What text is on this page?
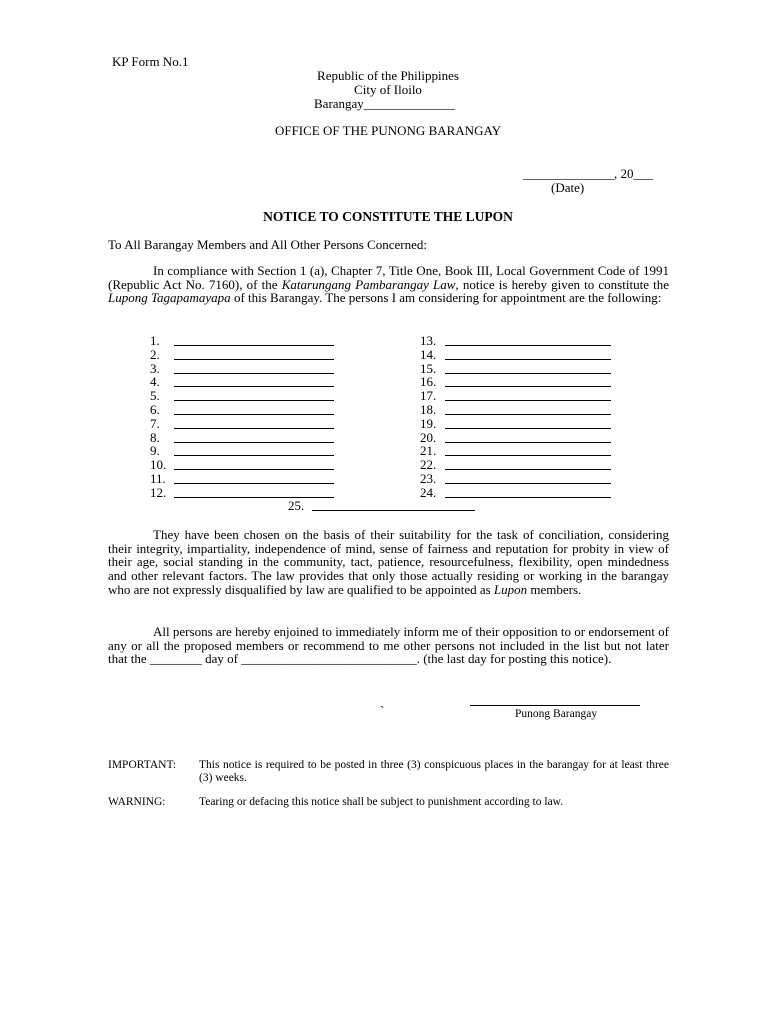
KP Form No.1
Republic of the Philippines
City of Iloilo
Barangay______________
OFFICE OF THE PUNONG BARANGAY
______________, 20___
(Date)
NOTICE TO CONSTITUTE THE LUPON
To All Barangay Members and All Other Persons Concerned:
In compliance with Section 1 (a), Chapter 7, Title One, Book III, Local Government Code of 1991 (Republic Act No. 7160), of the Katarungang Pambarangay Law, notice is hereby given to constitute the Lupong Tagapamayapa of this Barangay. The persons I am considering for appointment are the following:
1.
2.
3.
4.
5.
6.
7.
8.
9.
10.
11.
12.
13.
14.
15.
16.
17.
18.
19.
20.
21.
22.
23.
24.
25.
They have been chosen on the basis of their suitability for the task of conciliation, considering their integrity, impartiality, independence of mind, sense of fairness and reputation for probity in view of their age, social standing in the community, tact, patience, resourcefulness, flexibility, open mindedness and other relevant factors. The law provides that only those actually residing or working in the barangay who are not expressly disqualified by law are qualified to be appointed as Lupon members.
All persons are hereby enjoined to immediately inform me of their opposition to or endorsement of any or all the proposed members or recommend to me other persons not included in the list but not later that the ________ day of ___________________________. (the last day for posting this notice).
`	Punong Barangay
IMPORTANT: This notice is required to be posted in three (3) conspicuous places in the barangay for at least three (3) weeks.
WARNING:	Tearing or defacing this notice shall be subject to punishment according to law.
